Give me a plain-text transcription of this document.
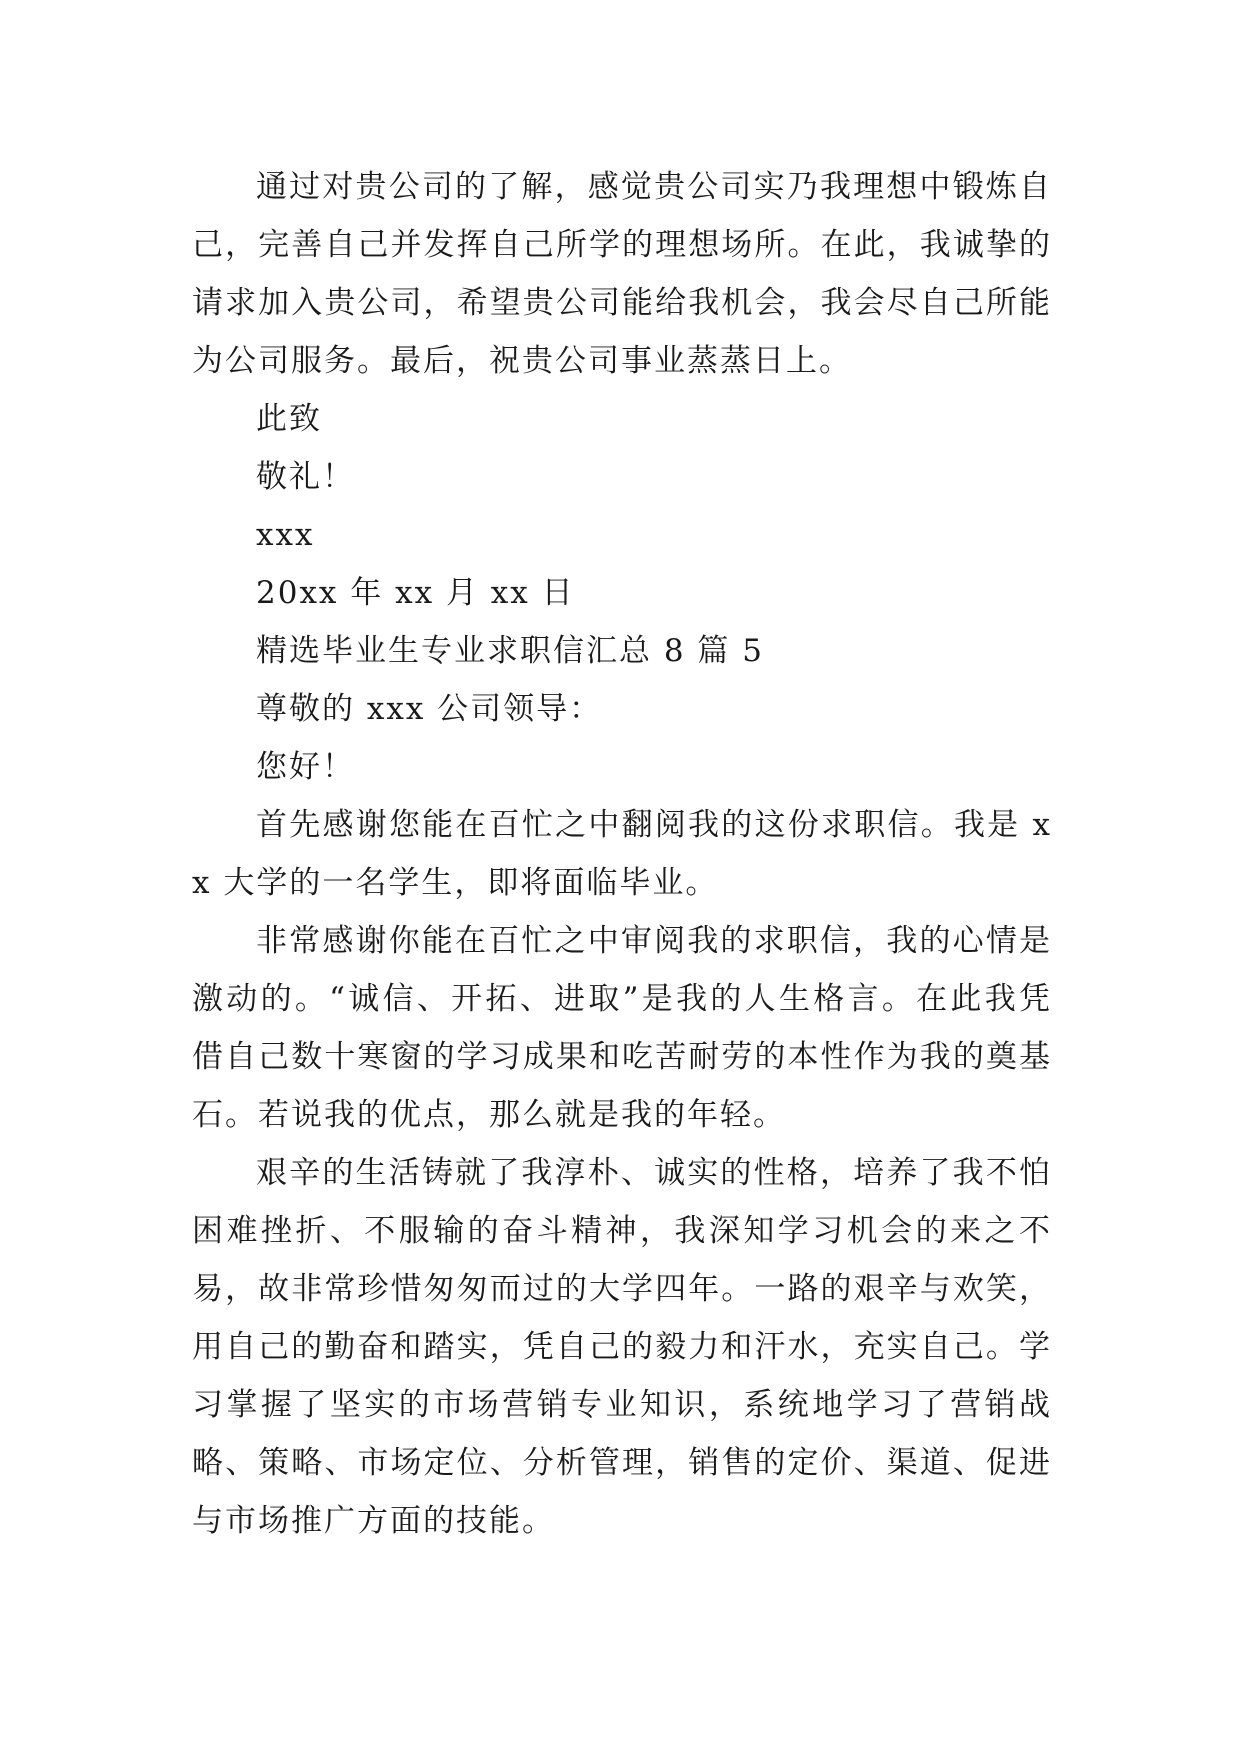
通过对贵公司的了解，感觉贵公司实乃我理想中锻炼自己，完善自己并发挥自己所学的理想场所。在此，我诚挚的请求加入贵公司，希望贵公司能给我机会，我会尽自己所能为公司服务。最后，祝贵公司事业蒸蒸日上。

此致

敬礼！

xxx

20xx 年 xx 月 xx 日

精选毕业生专业求职信汇总 8 篇 5

尊敬的 xxx 公司领导：

您好！

首先感谢您能在百忙之中翻阅我的这份求职信。我是 xx 大学的一名学生，即将面临毕业。

非常感谢你能在百忙之中审阅我的求职信，我的心情是激动的。“诚信、开拓、进取”是我的人生格言。在此我凭借自己数十寒窗的学习成果和吃苦耐劳的本性作为我的奠基石。若说我的优点，那么就是我的年轻。

艰辛的生活铸就了我淳朴、诚实的性格，培养了我不怕困难挫折、不服输的奋斗精神，我深知学习机会的来之不易，故非常珍惜匆匆而过的大学四年。一路的艰辛与欢笑，用自己的勤奋和踏实，凭自己的毅力和汗水，充实自己。学习掌握了坚实的市场营销专业知识，系统地学习了营销战略、策略、市场定位、分析管理，销售的定价、渠道、促进与市场推广方面的技能。
